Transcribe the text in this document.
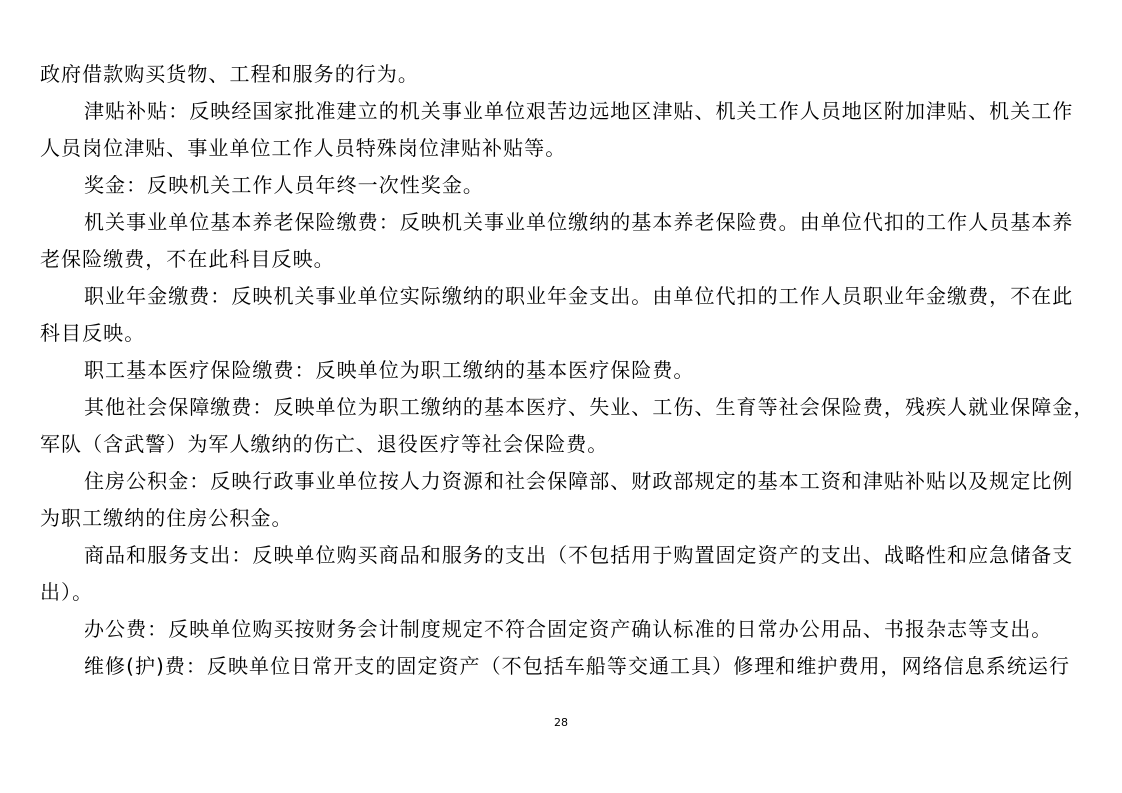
政府借款购买货物、工程和服务的行为。
津贴补贴：反映经国家批准建立的机关事业单位艰苦边远地区津贴、机关工作人员地区附加津贴、机关工作
人员岗位津贴、事业单位工作人员特殊岗位津贴补贴等。
奖金：反映机关工作人员年终一次性奖金。
机关事业单位基本养老保险缴费：反映机关事业单位缴纳的基本养老保险费。由单位代扣的工作人员基本养
老保险缴费，不在此科目反映。
职业年金缴费：反映机关事业单位实际缴纳的职业年金支出。由单位代扣的工作人员职业年金缴费，不在此
科目反映。
职工基本医疗保险缴费：反映单位为职工缴纳的基本医疗保险费。
其他社会保障缴费：反映单位为职工缴纳的基本医疗、失业、工伤、生育等社会保险费，残疾人就业保障金，
军队（含武警）为军人缴纳的伤亡、退役医疗等社会保险费。
住房公积金：反映行政事业单位按人力资源和社会保障部、财政部规定的基本工资和津贴补贴以及规定比例
为职工缴纳的住房公积金。
商品和服务支出：反映单位购买商品和服务的支出（不包括用于购置固定资产的支出、战略性和应急储备支
出）。
办公费：反映单位购买按财务会计制度规定不符合固定资产确认标准的日常办公用品、书报杂志等支出。
维修(护)费：反映单位日常开支的固定资产（不包括车船等交通工具）修理和维护费用，网络信息系统运行
28
